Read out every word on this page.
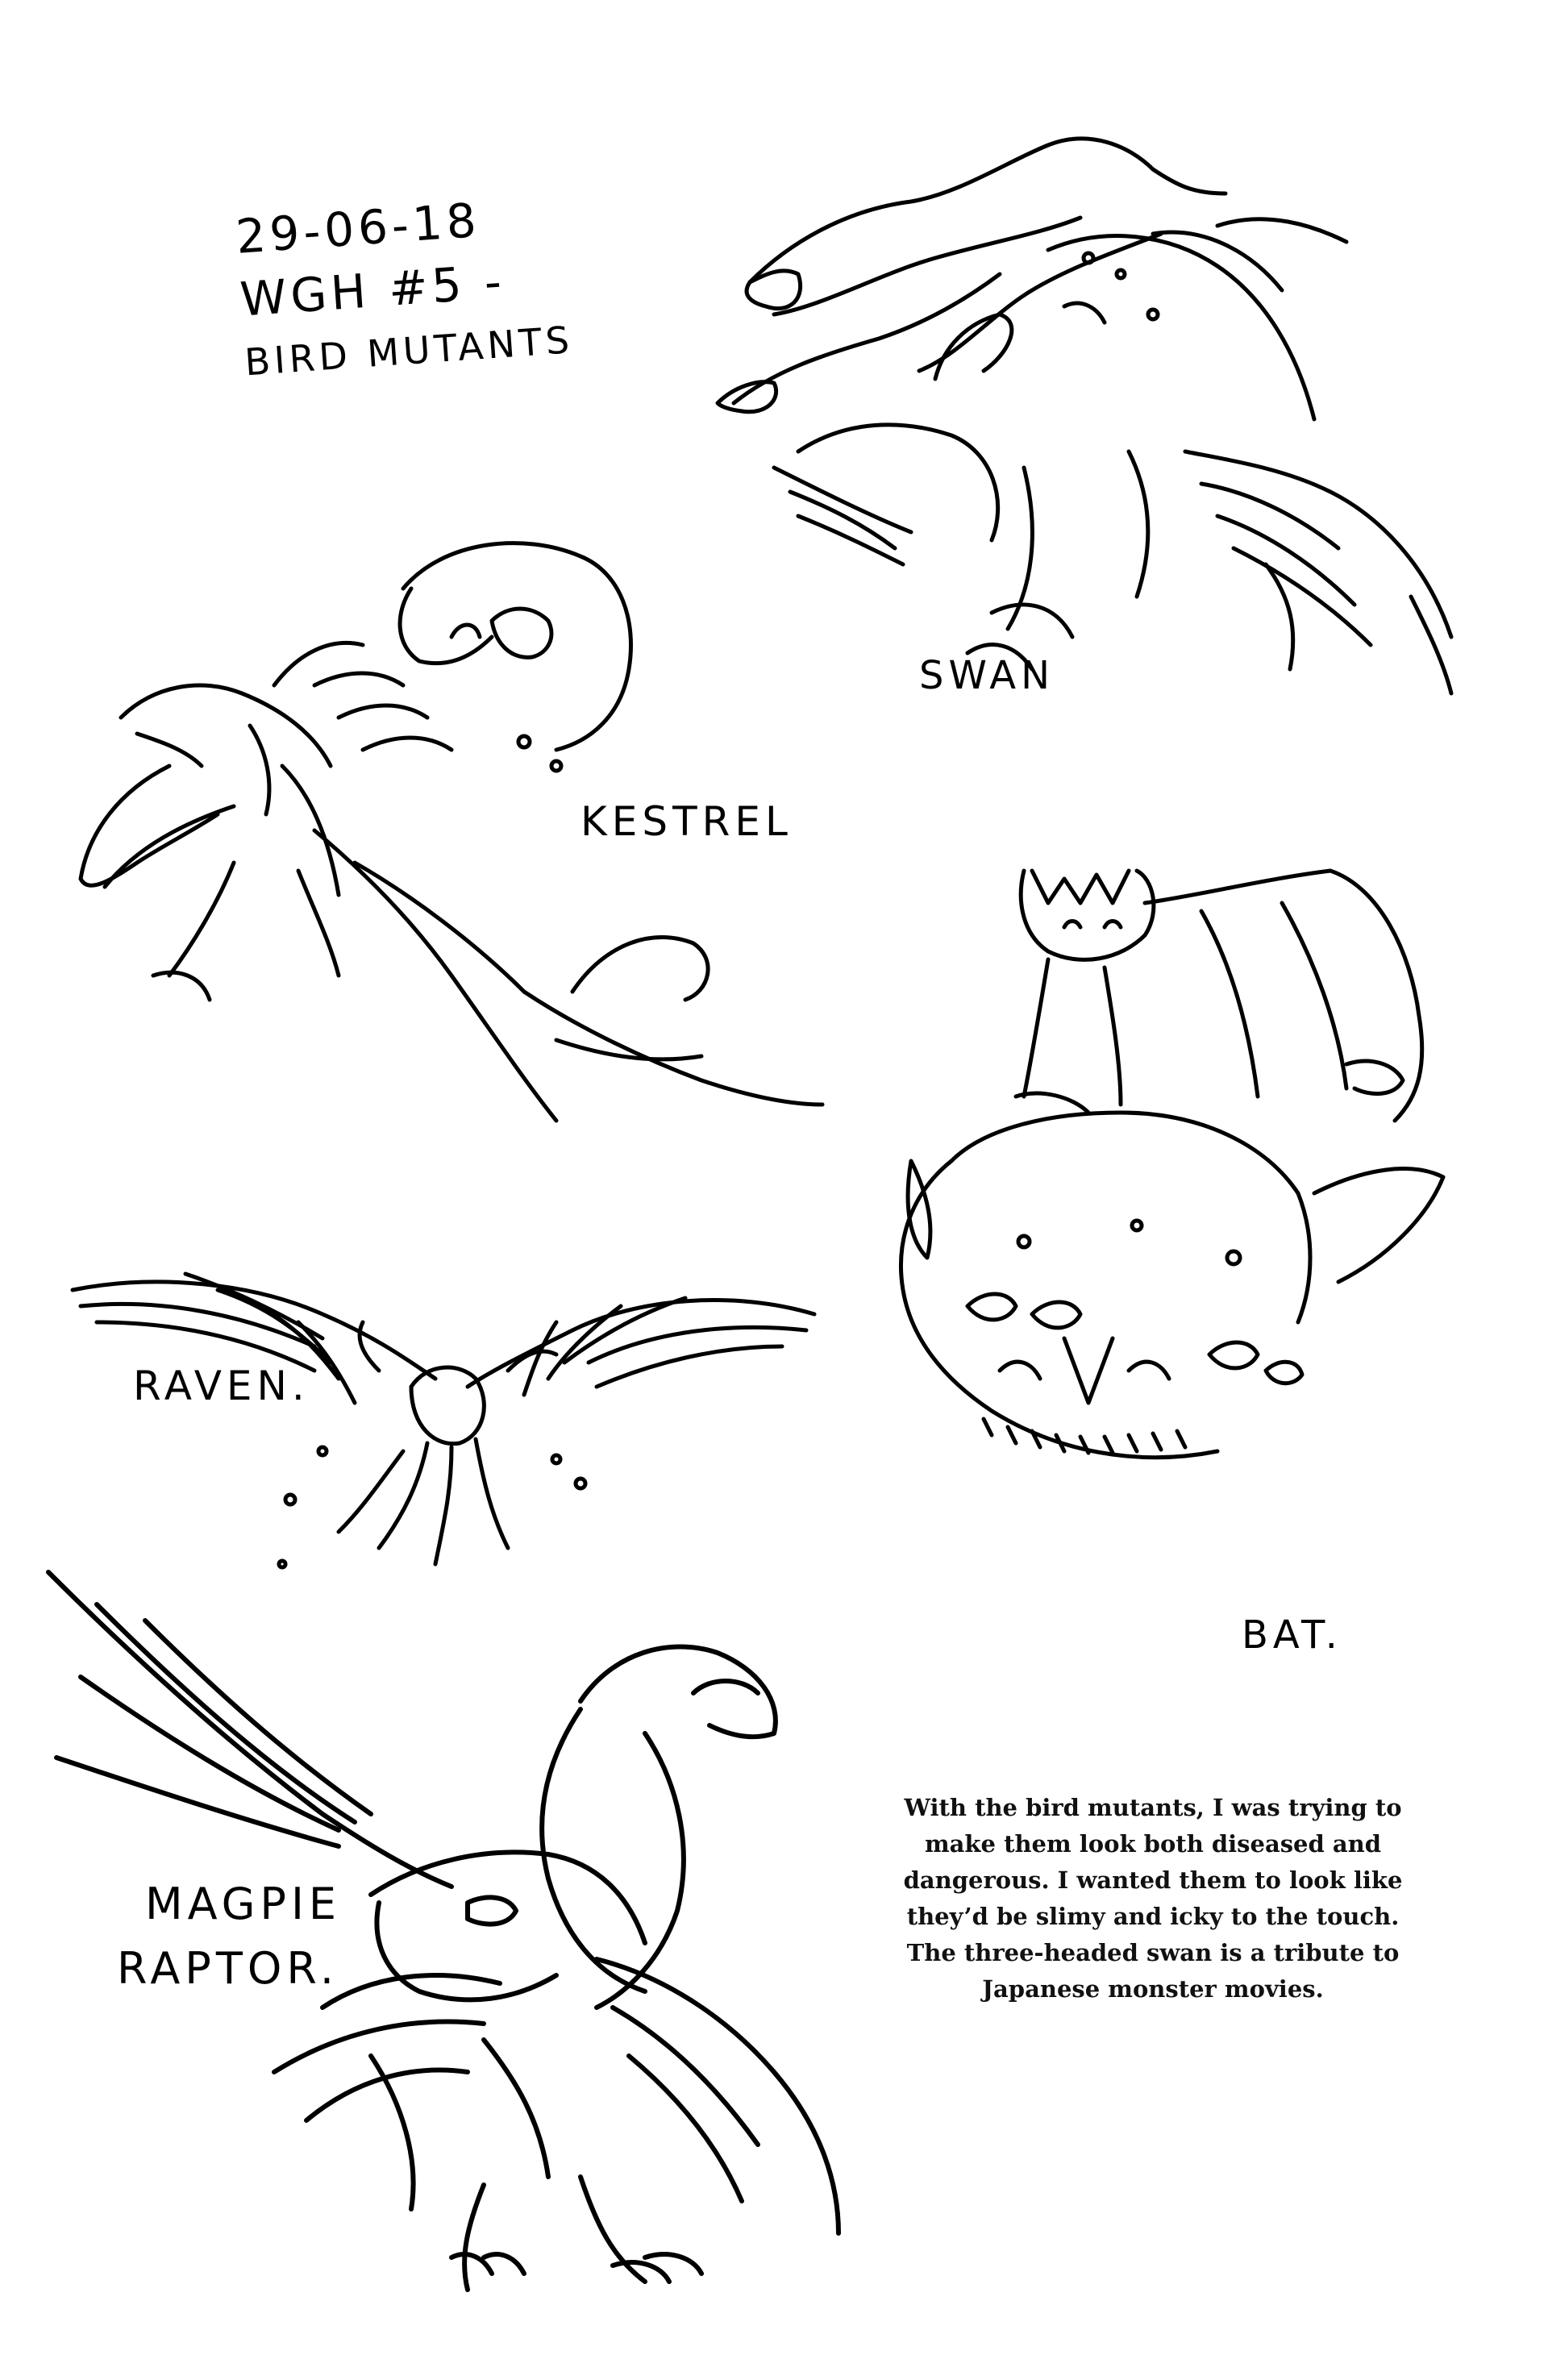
29-06-18
WGH #5 -
BIRD MUTANTS
SWAN
KESTREL
BAT.
RAVEN.
MAGPIE
RAPTOR.
With the bird mutants, I was trying to make them look both diseased and dangerous. I wanted them to look like they’d be slimy and icky to the touch. The three-headed swan is a tribute to Japanese monster movies.
